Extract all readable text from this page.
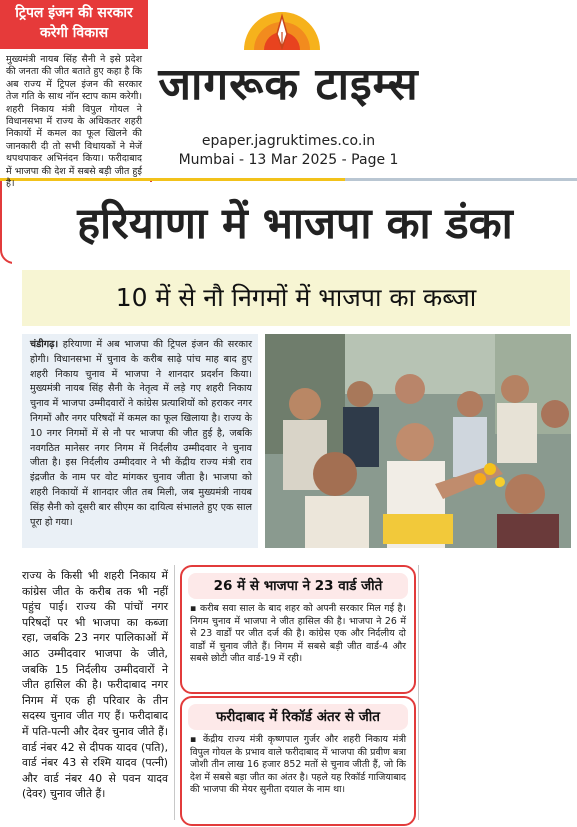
जागरूक टाइम्स
epaper.jagruktimes.co.in
Mumbai - 13 Mar 2025 - Page 1
हरियाणा में भाजपा का डंका
10 में से नौ निगमों में भाजपा का कब्जा
चंडीगढ़। हरियाणा में अब भाजपा की ट्रिपल इंजन की सरकार होगी। विधानसभा में चुनाव के करीब साढ़े पांच माह बाद हुए शहरी निकाय चुनाव में भाजपा ने शानदार प्रदर्शन किया। मुख्यमंत्री नायब सिंह सैनी के नेतृत्व में लड़े गए शहरी निकाय चुनाव में भाजपा उम्मीदवारों ने कांग्रेस प्रत्याशियों को हराकर नगर निगमों और नगर परिषदों में कमल का फूल खिलाया है। राज्य के 10 नगर निगमों में से नौ पर भाजपा की जीत हुई है, जबकि नवगठित मानेसर नगर निगम में निर्दलीय उम्मीदवार ने चुनाव जीता है। इस निर्दलीय उम्मीदवार ने भी केंद्रीय राज्य मंत्री राव इंद्रजीत के नाम पर वोट मांगकर चुनाव जीता है। भाजपा को शहरी निकायों में शानदार जीत तब मिली, जब मुख्यमंत्री नायब सिंह सैनी को दूसरी बार सीएम का दायित्व संभालते हुए एक साल पूरा हो गया।
राज्य के किसी भी शहरी निकाय में कांग्रेस जीत के करीब तक भी नहीं पहुंच पाई। राज्य की पांचों नगर परिषदों पर भी भाजपा का कब्जा रहा, जबकि 23 नगर पालिकाओं में आठ उम्मीदवार भाजपा के जीते, जबकि 15 निर्दलीय उम्मीदवारों ने जीत हासिल की है। फरीदाबाद नगर निगम में एक ही परिवार के तीन सदस्य चुनाव जीत गए हैं। फरीदाबाद में पति-पत्नी और देवर चुनाव जीते हैं। वार्ड नंबर 42 से दीपक यादव (पति), वार्ड नंबर 43 से रश्मि यादव (पत्नी) और वार्ड नंबर 40 से पवन यादव (देवर) चुनाव जीते हैं।
26 में से भाजपा ने 23 वार्ड जीते
▪ करीब सवा साल के बाद शहर को अपनी सरकार मिल गई है। निगम चुनाव में भाजपा ने जीत हासिल की है। भाजपा ने 26 में से 23 वार्डों पर जीत दर्ज की है। कांग्रेस एक और निर्दलीय दो वार्डों में चुनाव जीते हैं। निगम में सबसे बड़ी जीत वार्ड-4 और सबसे छोटी जीत वार्ड-19 में रही।
फरीदाबाद में रिकॉर्ड अंतर से जीत
▪ केंद्रीय राज्य मंत्री कृष्णपाल गुर्जर और शहरी निकाय मंत्री विपुल गोयल के प्रभाव वाले फरीदाबाद में भाजपा की प्रवीण बत्रा जोशी तीन लाख 16 हजार 852 मतों से चुनाव जीती हैं, जो कि देश में सबसे बड़ा जीत का अंतर है। पहले यह रिकॉर्ड गाजियाबाद की भाजपा की मेयर सुनीता दयाल के नाम था।
ट्रिपल इंजन की सरकार करेगी विकास
मुख्यमंत्री नायब सिंह सैनी ने इसे प्रदेश की जनता की जीत बताते हुए कहा है कि अब राज्य में ट्रिपल इंजन की सरकार तेज गति के साथ नॉन स्टाप काम करेगी। शहरी निकाय मंत्री विपुल गोयल ने विधानसभा में राज्य के अधिकतर शहरी निकायों में कमल का फूल खिलने की जानकारी दी तो सभी विधायकों ने मेजें थपथपाकर अभिनंदन किया। फरीदाबाद में भाजपा की देश में सबसे बड़ी जीत हुई है।
